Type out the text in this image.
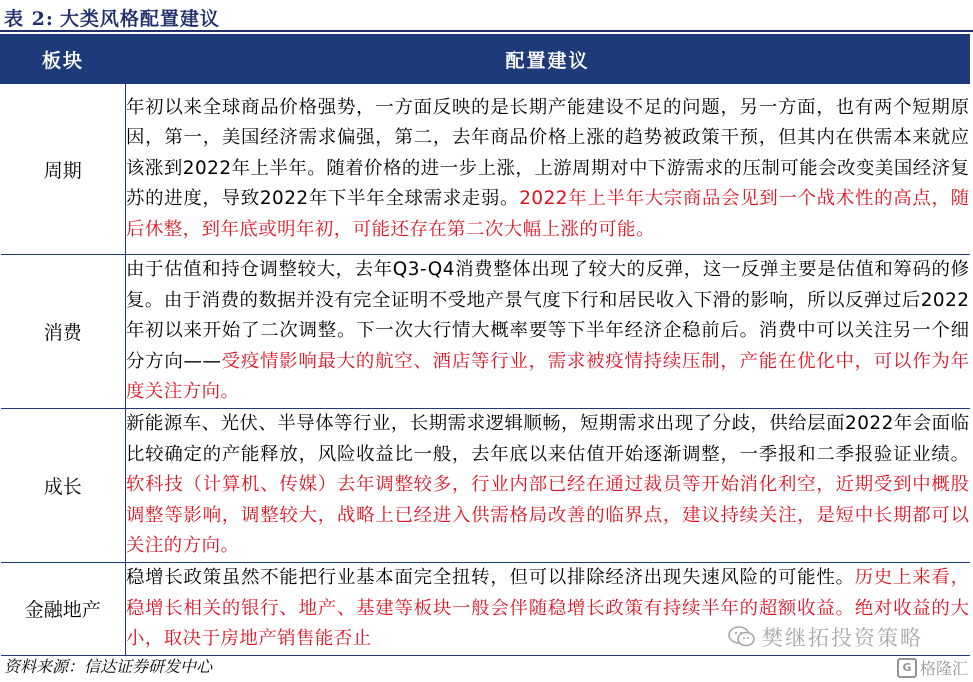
表 2: 大类风格配置建议
板块	配置建议
周期	年初以来全球商品价格强势，一方面反映的是长期产能建设不足的问题，另一方面，也有两个短期原因，第一，美国经济需求偏强，第二，去年商品价格上涨的趋势被政策干预，但其内在供需本来就应该涨到2022年上半年。随着价格的进一步上涨，上游周期对中下游需求的压制可能会改变美国经济复苏的进度，导致2022年下半年全球需求走弱。2022年上半年大宗商品会见到一个战术性的高点，随后休整，到年底或明年初，可能还存在第二次大幅上涨的可能。
消费	由于估值和持仓调整较大，去年Q3-Q4消费整体出现了较大的反弹，这一反弹主要是估值和筹码的修复。由于消费的数据并没有完全证明不受地产景气度下行和居民收入下滑的影响，所以反弹过后2022年初以来开始了二次调整。下一次大行情大概率要等下半年经济企稳前后。消费中可以关注另一个细分方向——受疫情影响最大的航空、酒店等行业，需求被疫情持续压制，产能在优化中，可以作为年度关注方向。
成长	新能源车、光伏、半导体等行业，长期需求逻辑顺畅，短期需求出现了分歧，供给层面2022年会面临比较确定的产能释放，风险收益比一般，去年底以来估值开始逐渐调整，一季报和二季报验证业绩。软科技（计算机、传媒）去年调整较多，行业内部已经在通过裁员等开始消化利空，近期受到中概股调整等影响，调整较大，战略上已经进入供需格局改善的临界点，建议持续关注，是短中长期都可以关注的方向。
金融地产	稳增长政策虽然不能把行业基本面完全扭转，但可以排除经济出现失速风险的可能性。历史上来看，稳增长相关的银行、地产、基建等板块一般会伴随稳增长政策有持续半年的超额收益。绝对收益的大小，取决于房地产销售能否止
资料来源：信达证券研发中心
樊继拓投资策略
G 格隆汇
